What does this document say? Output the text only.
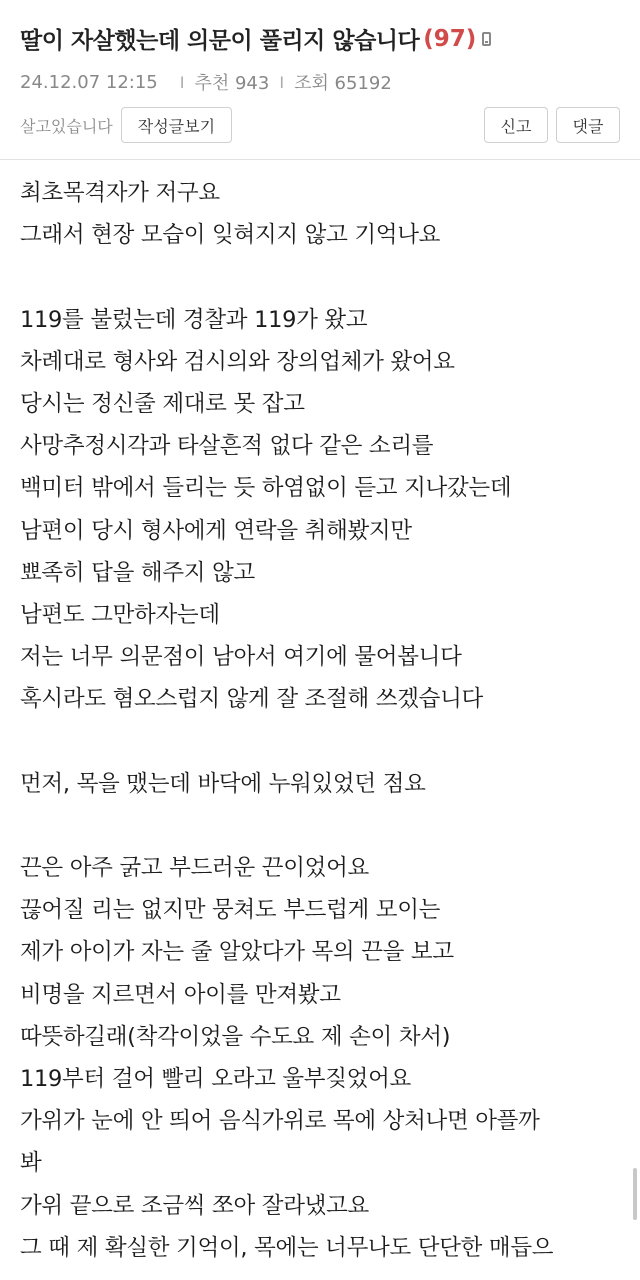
딸이 자살했는데 의문이 풀리지 않습니다 (97)
24.12.07 12:15 I 추천 943 I 조회 65192
살고있습니다	작성글보기	신고	댓글
최초목격자가 저구요
그래서 현장 모습이 잊혀지지 않고 기억나요
119를 불렀는데 경찰과 119가 왔고
차례대로 형사와 검시의와 장의업체가 왔어요
당시는 정신줄 제대로 못 잡고
사망추정시각과 타살흔적 없다 같은 소리를
백미터 밖에서 들리는 듯 하염없이 듣고 지나갔는데
남편이 당시 형사에게 연락을 취해봤지만
뾰족히 답을 해주지 않고
남편도 그만하자는데
저는 너무 의문점이 남아서 여기에 물어봅니다
혹시라도 혐오스럽지 않게 잘 조절해 쓰겠습니다
먼저, 목을 맸는데 바닥에 누워있었던 점요
끈은 아주 굵고 부드러운 끈이었어요
끊어질 리는 없지만 뭉쳐도 부드럽게 모이는
제가 아이가 자는 줄 알았다가 목의 끈을 보고
비명을 지르면서 아이를 만져봤고
따뜻하길래(착각이었을 수도요 제 손이 차서)
119부터 걸어 빨리 오라고 울부짖었어요
가위가 눈에 안 띄어 음식가위로 목에 상처나면 아플까
봐
가위 끝으로 조금씩 쪼아 잘라냈고요
그 때 제 확실한 기억이, 목에는 너무나도 단단한 매듭으
